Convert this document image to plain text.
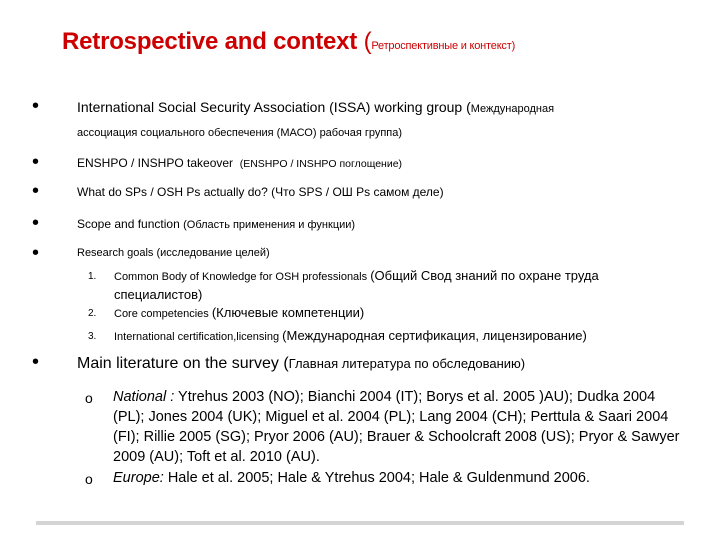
Retrospective and context (Ретроспективные и контекст)
•	International Social Security Association (ISSA) working group (Международная
ассоциация социального обеспечения (МАСО) рабочая группа)
•	ENSHPO / INSHPO takeover (ENSHPO / INSHPO поглощение)
•	What do SPs / OSH Ps actually do? (Что SPS / ОШ Ps самом деле)
•	Scope and function (Область применения и функции)
•	Research goals (исследование целей)
1. Common Body of Knowledge for OSH professionals (Общий Свод знаний по охране труда
специалистов)
2. Core competencies (Ключевые компетенции)
3. International certification,licensing (Международная сертификация, лицензирование)
• Main literature on the survey (Главная литература по обследованию)
o National : Ytrehus 2003 (NO); Bianchi 2004 (IT); Borys et al. 2005 )AU); Dudka 2004 (PL); Jones 2004 (UK); Miguel et al. 2004 (PL); Lang 2004 (CH); Perttula & Saari 2004 (FI); Rillie 2005 (SG); Pryor 2006 (AU); Brauer & Schoolcraft 2008 (US); Pryor & Sawyer 2009 (AU); Toft et al. 2010 (AU).
o Europe: Hale et al. 2005; Hale & Ytrehus 2004; Hale & Guldenmund 2006.
